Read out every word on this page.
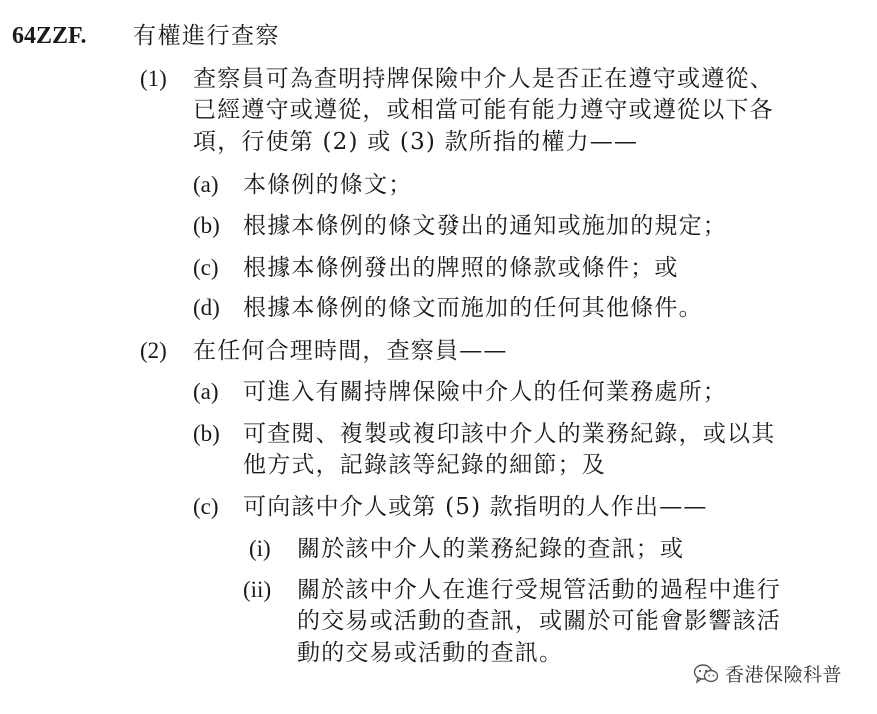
64ZZF. 有權進行查察
(1) 查察員可為查明持牌保險中介人是否正在遵守或遵從、
已經遵守或遵從，或相當可能有能力遵守或遵從以下各
項，行使第 (2) 或 (3) 款所指的權力——
(a) 本條例的條文；
(b) 根據本條例的條文發出的通知或施加的規定；
(c) 根據本條例發出的牌照的條款或條件；或
(d) 根據本條例的條文而施加的任何其他條件。
(2) 在任何合理時間，查察員——
(a) 可進入有關持牌保險中介人的任何業務處所；
(b) 可查閱、複製或複印該中介人的業務紀錄，或以其
他方式，記錄該等紀錄的細節；及
(c) 可向該中介人或第 (5) 款指明的人作出——
(i) 關於該中介人的業務紀錄的查訊；或
(ii) 關於該中介人在進行受規管活動的過程中進行
的交易或活動的查訊，或關於可能會影響該活
動的交易或活動的查訊。
香港保險科普
